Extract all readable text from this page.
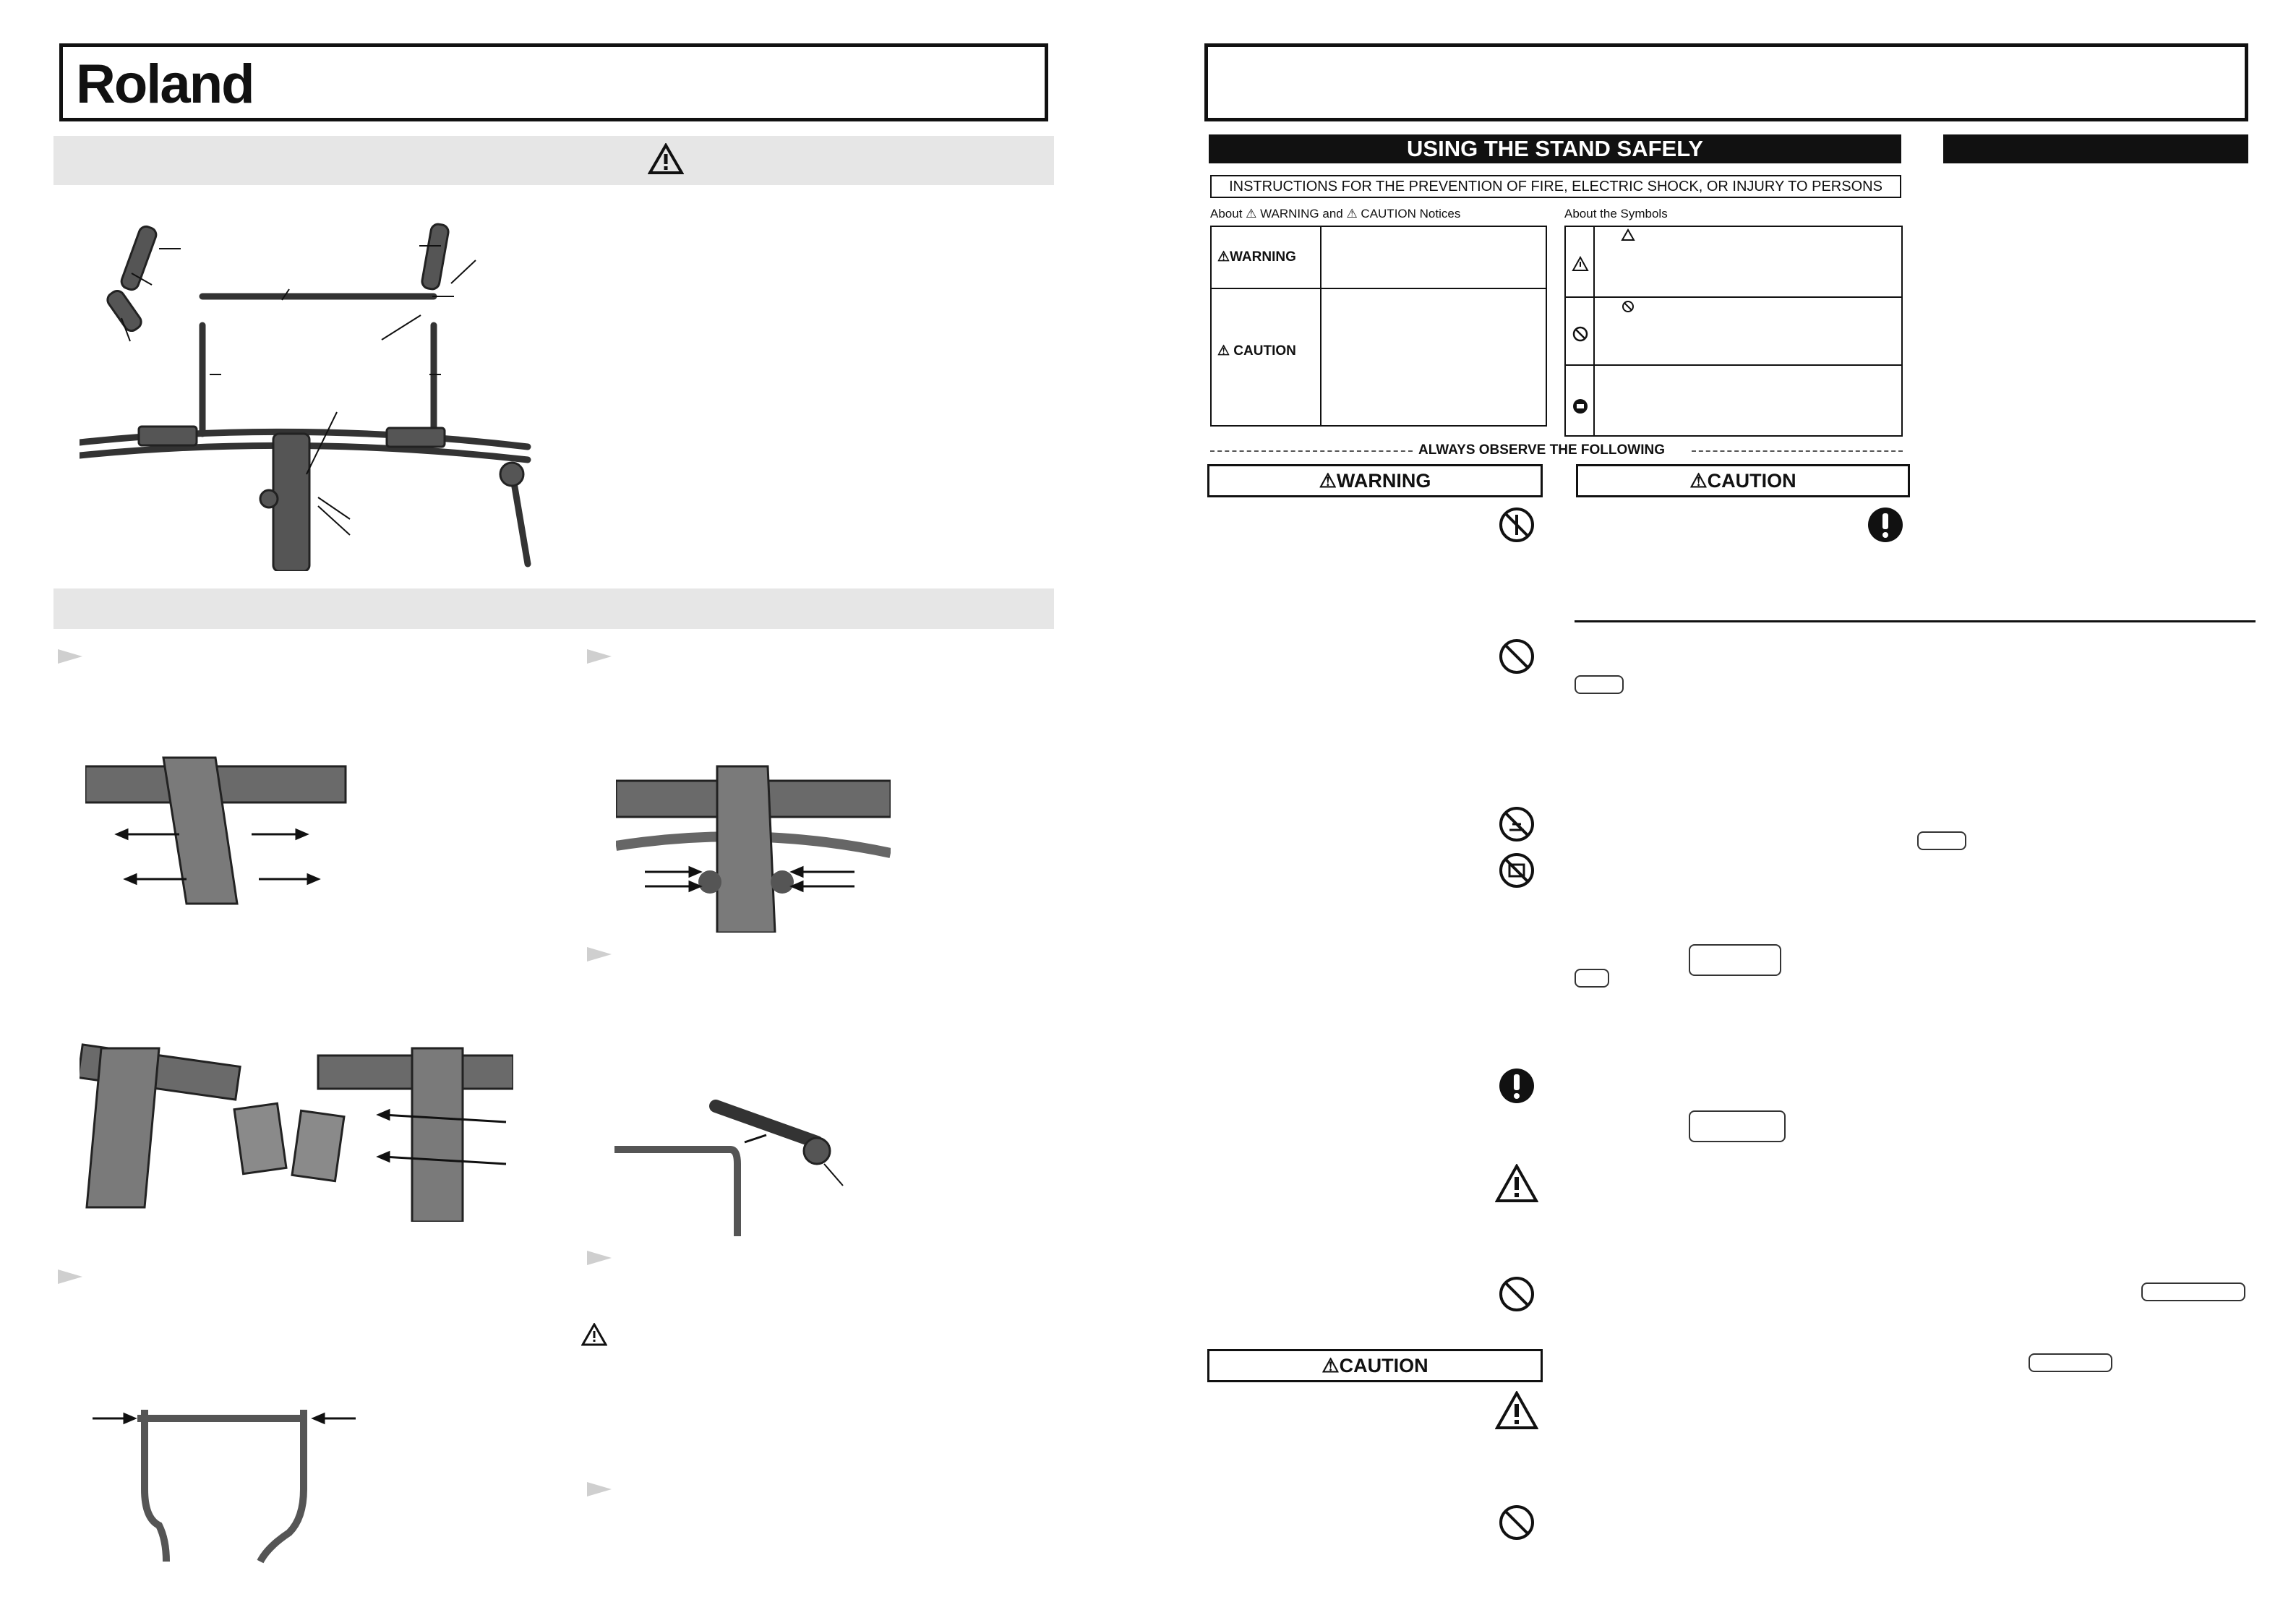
Roland
USING THE STAND SAFELY
INSTRUCTIONS FOR THE PREVENTION OF FIRE, ELECTRIC SHOCK, OR INJURY TO PERSONS
About ⚠ WARNING and ⚠ CAUTION Notices	About the Symbols
⚠WARNING
⚠ CAUTION
ALWAYS OBSERVE THE FOLLOWING
⚠WARNING	⚠CAUTION
⚠CAUTION
